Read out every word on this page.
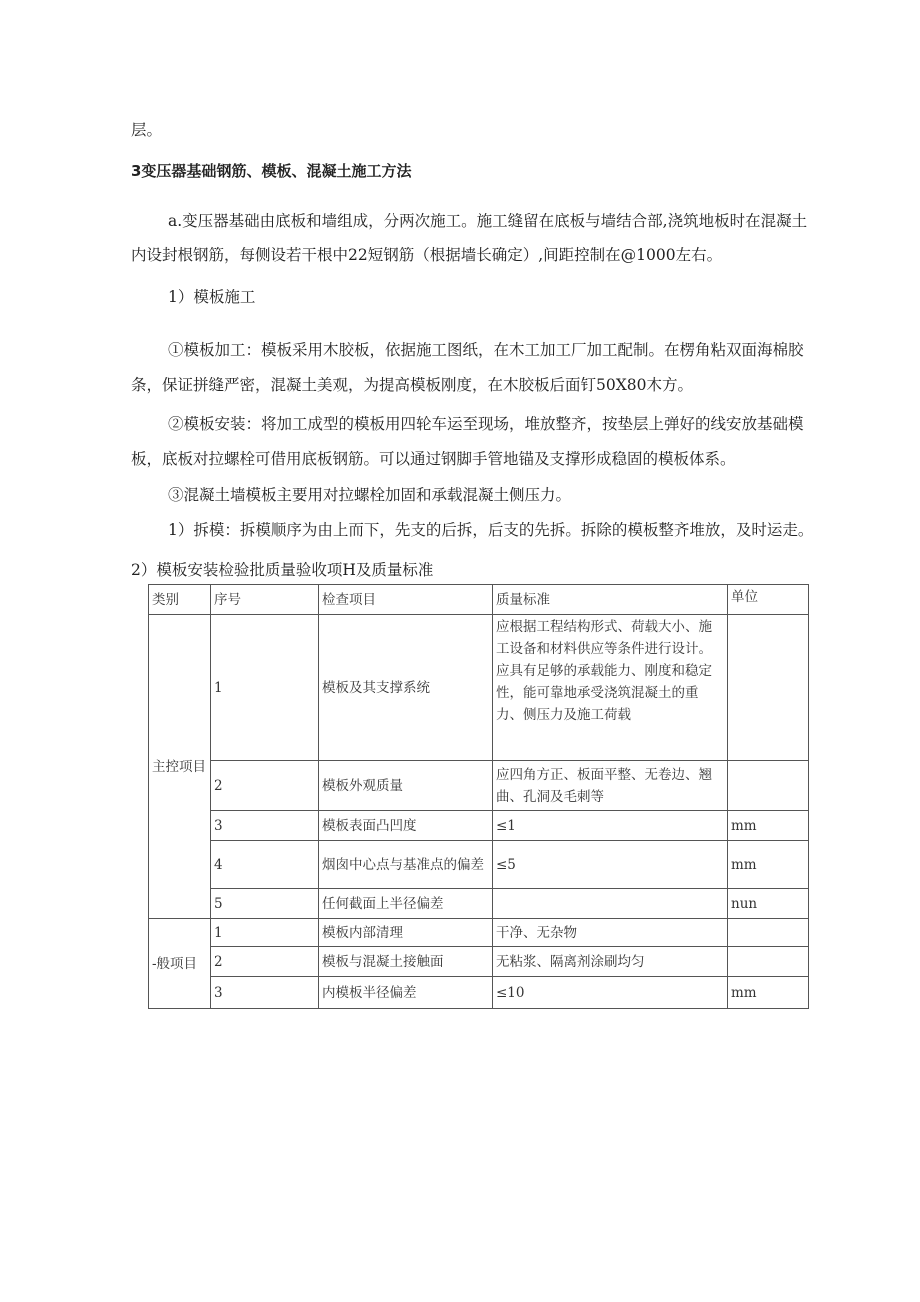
层。
3变压器基础钢筋、模板、混凝土施工方法
a.变压器基础由底板和墙组成，分两次施工。施工缝留在底板与墙结合部,浇筑地板时在混凝土
内设封根钢筋，每侧设若干根中22短钢筋（根据墙长确定）,间距控制在@1000左右。
1）模板施工
①模板加工：模板采用木胶板，依据施工图纸，在木工加工厂加工配制。在楞角粘双面海棉胶
条，保证拼缝严密，混凝土美观，为提高模板刚度，在木胶板后面钉50X80木方。
②模板安装：将加工成型的模板用四轮车运至现场，堆放整齐，按垫层上弹好的线安放基础模
板，底板对拉螺栓可借用底板钢筋。可以通过钢脚手管地锚及支撑形成稳固的模板体系。
③混凝土墙模板主要用对拉螺栓加固和承载混凝土侧压力。
1）拆模：拆模顺序为由上而下，先支的后拆，后支的先拆。拆除的模板整齐堆放，及时运走。
2）模板安装检验批质量验收项H及质量标准
类别	序号	检查项目	质量标准	单位
主控项目	1	模板及其支撑系统	应根据工程结构形式、荷载大小、施工设备和材料供应等条件进行设计。应具有足够的承载能力、刚度和稳定性，能可靠地承受浇筑混凝土的重力、侧压力及施工荷载	
	2	模板外观质量	应四角方正、板面平整、无卷边、翘曲、孔洞及毛刺等	
	3	模板表面凸凹度	≤1	mm
	4	烟囱中心点与基准点的偏差	≤5	mm
	5	任何截面上半径偏差		nun
-般项目	1	模板内部清理	干净、无杂物	
	2	模板与混凝土接触面	无粘浆、隔离剂涂刷均匀	
	3	内模板半径偏差	≤10	mm
